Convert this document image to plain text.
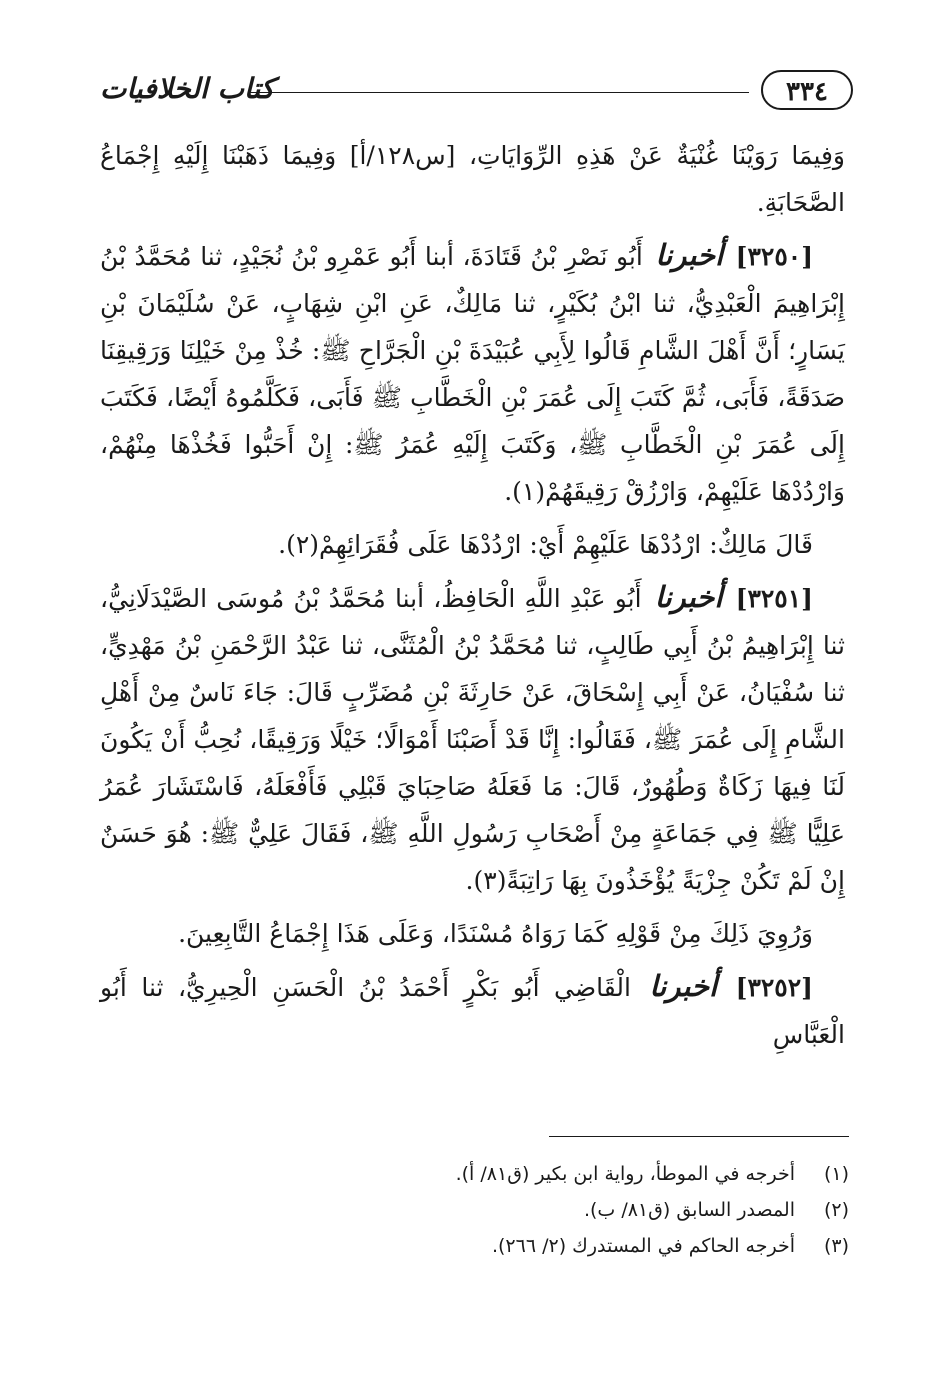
٣٣٤
كتاب الخلافيات

وَفِيمَا رَوَيْنَا غُنْيَةٌ عَنْ هَذِهِ الرِّوَايَاتِ، [س١٢٨/أ] وَفِيمَا ذَهَبْنَا إِلَيْهِ إِجْمَاعُ الصَّحَابَةِ.

[٣٢٥٠] أخبرنا أَبُو نَصْرِ بْنُ قَتَادَةَ، أبنا أَبُو عَمْرِو بْنُ نُجَيْدٍ، ثنا مُحَمَّدُ بْنُ إِبْرَاهِيمَ الْعَبْدِيُّ، ثنا ابْنُ بُكَيْرٍ، ثنا مَالِكٌ، عَنِ ابْنِ شِهَابٍ، عَنْ سُلَيْمَانَ بْنِ يَسَارٍ؛ أَنَّ أَهْلَ الشَّامِ قَالُوا لِأَبِي عُبَيْدَةَ بْنِ الْجَرَّاحِ ﷺ: خُذْ مِنْ خَيْلِنَا وَرَقِيقِنَا صَدَقَةً، فَأَبَى، ثُمَّ كَتَبَ إِلَى عُمَرَ بْنِ الْخَطَّابِ ﷺ فَأَبَى، فَكَلَّمُوهُ أَيْضًا، فَكَتَبَ إِلَى عُمَرَ بْنِ الْخَطَّابِ ﷺ، وَكَتَبَ إِلَيْهِ عُمَرُ ﷺ: إِنْ أَحَبُّوا فَخُذْهَا مِنْهُمْ، وَارْدُدْهَا عَلَيْهِمْ، وَارْزُقْ رَقِيقَهُمْ(١).

قَالَ مَالِكٌ: ارْدُدْهَا عَلَيْهِمْ أَيْ: ارْدُدْهَا عَلَى فُقَرَائِهِمْ(٢).

[٣٢٥١] أخبرنا أَبُو عَبْدِ اللَّهِ الْحَافِظُ، أبنا مُحَمَّدُ بْنُ مُوسَى الصَّيْدَلَانِيُّ، ثنا إِبْرَاهِيمُ بْنُ أَبِي طَالِبٍ، ثنا مُحَمَّدُ بْنُ الْمُثَنَّى، ثنا عَبْدُ الرَّحْمَنِ بْنُ مَهْدِيٍّ، ثنا سُفْيَانُ، عَنْ أَبِي إِسْحَاقَ، عَنْ حَارِثَةَ بْنِ مُضَرِّبٍ قَالَ: جَاءَ نَاسٌ مِنْ أَهْلِ الشَّامِ إِلَى عُمَرَ ﷺ، فَقَالُوا: إِنَّا قَدْ أَصَبْنَا أَمْوَالًا؛ خَيْلًا وَرَقِيقًا، نُحِبُّ أَنْ يَكُونَ لَنَا فِيهَا زَكَاةٌ وَطُهُورٌ، قَالَ: مَا فَعَلَهُ صَاحِبَايَ قَبْلِي فَأَفْعَلَهُ، فَاسْتَشَارَ عُمَرُ عَلِيًّا ﷺ فِي جَمَاعَةٍ مِنْ أَصْحَابِ رَسُولِ اللَّهِ ﷺ، فَقَالَ عَلِيٌّ ﷺ: هُوَ حَسَنٌ إِنْ لَمْ تَكُنْ جِزْيَةً يُؤْخَذُونَ بِهَا رَاتِبَةً(٣).

وَرُوِيَ ذَلِكَ مِنْ قَوْلِهِ كَمَا رَوَاهُ مُسْنَدًا، وَعَلَى هَذَا إِجْمَاعُ التَّابِعِينَ.

[٣٢٥٢] أخبرنا الْقَاضِي أَبُو بَكْرٍ أَحْمَدُ بْنُ الْحَسَنِ الْحِيرِيُّ، ثنا أَبُو الْعَبَّاسِ

(١)
أخرجه في الموطأ، رواية ابن بكير (ق٨١/ أ).
(٢)
المصدر السابق (ق٨١/ ب).
(٣)
أخرجه الحاكم في المستدرك (٢/ ٢٦٦).
